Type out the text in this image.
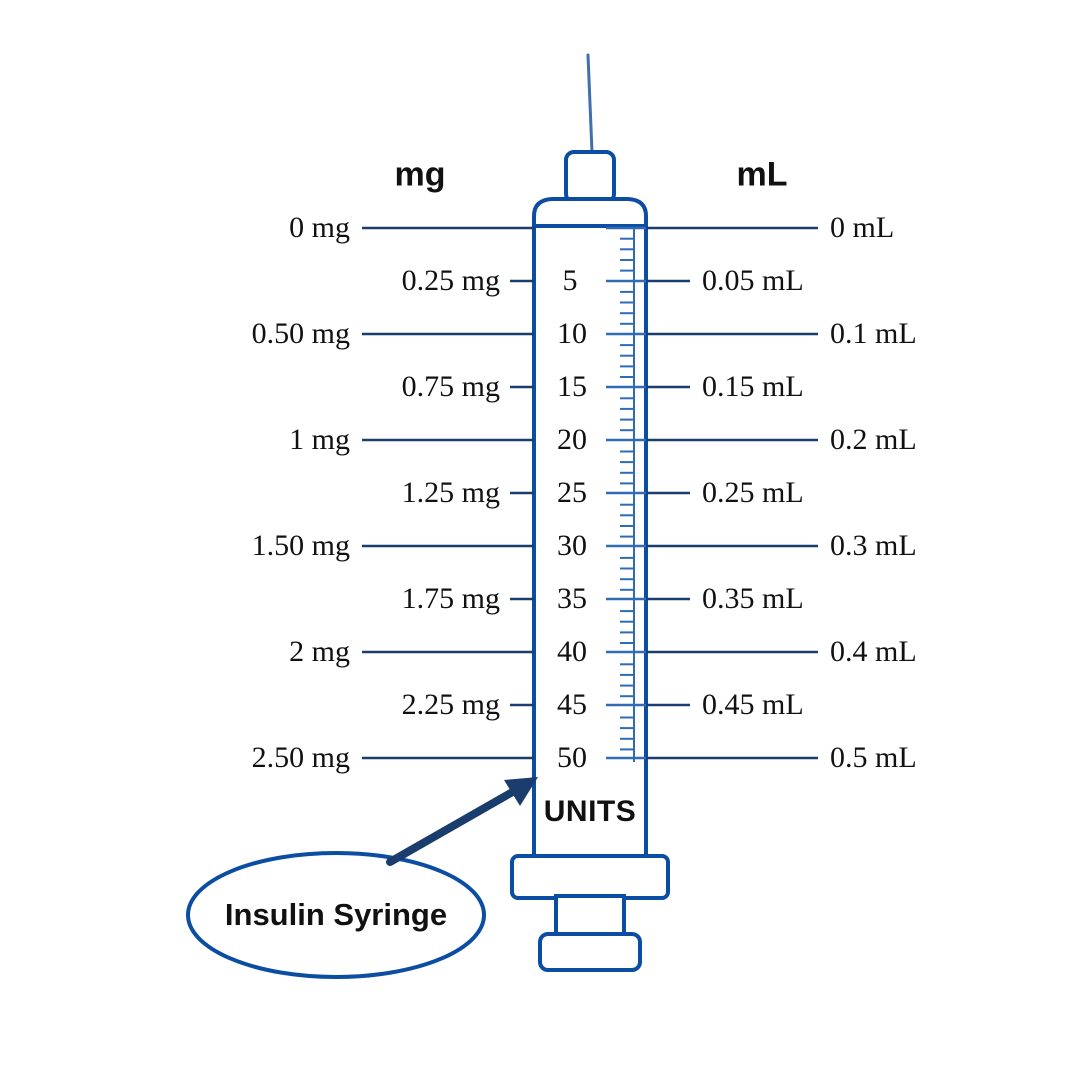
mg	mL
0 mg
0.25 mg
0.50 mg
0.75 mg
1 mg
1.25 mg
1.50 mg
1.75 mg
2 mg
2.25 mg
2.50 mg
0 mL
0.05 mL
0.1 mL
0.15 mL
0.2 mL
0.25 mL
0.3 mL
0.35 mL
0.4 mL
0.45 mL
0.5 mL
5
10
15
20
25
30
35
40
45
50
UNITS
Insulin Syringe
